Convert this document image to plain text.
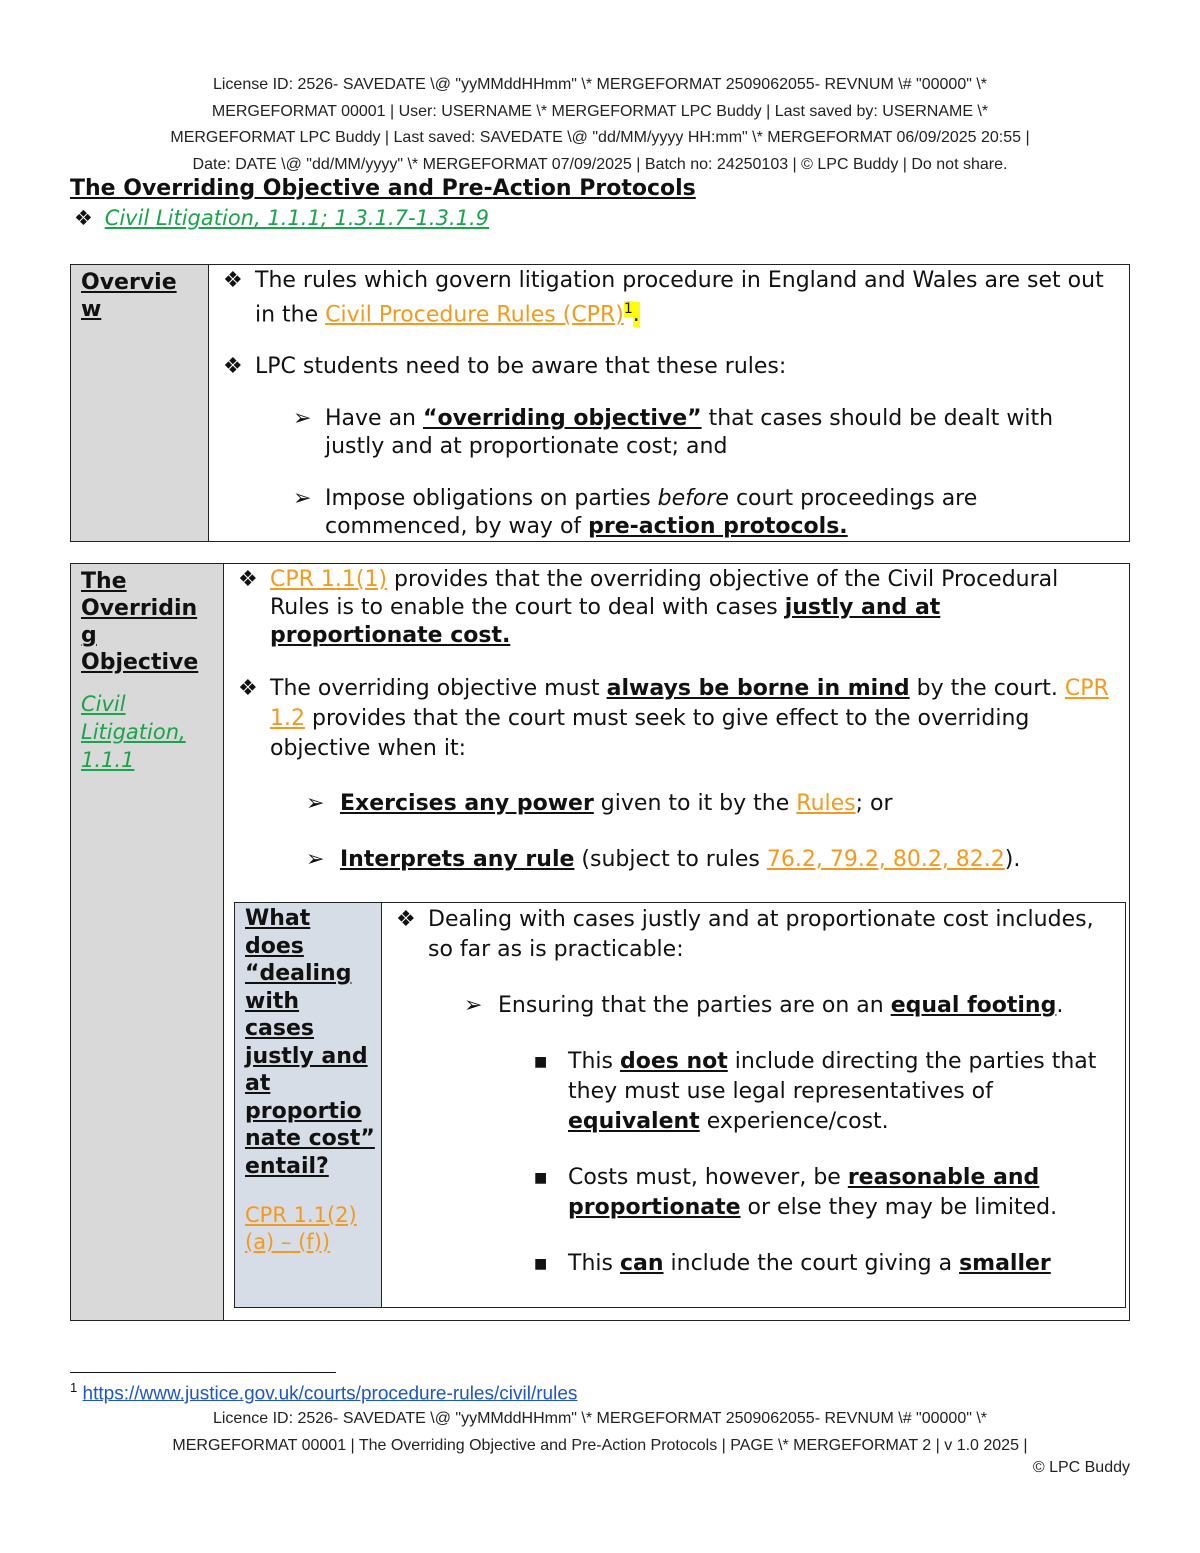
License ID: 2526- SAVEDATE \@ "yyMMddHHmm" \* MERGEFORMAT 2509062055- REVNUM \# "00000" \*
MERGEFORMAT 00001 | User: USERNAME \* MERGEFORMAT LPC Buddy | Last saved by: USERNAME \*
MERGEFORMAT LPC Buddy | Last saved: SAVEDATE \@ "dd/MM/yyyy HH:mm" \* MERGEFORMAT 06/09/2025 20:55 |
Date: DATE \@ "dd/MM/yyyy" \* MERGEFORMAT 07/09/2025 | Batch no: 24250103 | © LPC Buddy | Do not share.
The Overriding Objective and Pre-Action Protocols
❖ Civil Litigation, 1.1.1; 1.3.1.7-1.3.1.9
Overvie
w

❖ The rules which govern litigation procedure in England and Wales are set out in the Civil Procedure Rules (CPR)$^1$.
❖ LPC students need to be aware that these rules:
➢ Have an “overriding objective” that cases should be dealt with justly and at proportionate cost; and
➢ Impose obligations on parties before court proceedings are commenced, by way of pre-action protocols.
The
Overridin
g
Objective
Civil
Litigation,
1.1.1

❖ CPR 1.1(1) provides that the overriding objective of the Civil Procedural Rules is to enable the court to deal with cases justly and at proportionate cost.
❖ The overriding objective must always be borne in mind by the court. CPR 1.2 provides that the court must seek to give effect to the overriding objective when it:
➢ Exercises any power given to it by the Rules; or
➢ Interprets any rule (subject to rules 76.2, 79.2, 80.2, 82.2).
What
does
“dealing
with
cases
justly and
at
proportio
nate cost”
entail?
CPR 1.1(2)
(a) – (f))

❖ Dealing with cases justly and at proportionate cost includes, so far as is practicable:
➢ Ensuring that the parties are on an equal footing.
■ This does not include directing the parties that they must use legal representatives of equivalent experience/cost.
■ Costs must, however, be reasonable and proportionate or else they may be limited.
■ This can include the court giving a smaller
$^1$ https://www.justice.gov.uk/courts/procedure-rules/civil/rules
Licence ID: 2526- SAVEDATE \@ "yyMMddHHmm" \* MERGEFORMAT 2509062055- REVNUM \# "00000" \*
MERGEFORMAT 00001 | The Overriding Objective and Pre-Action Protocols | PAGE \* MERGEFORMAT 2 | v 1.0 2025 |
© LPC Buddy
